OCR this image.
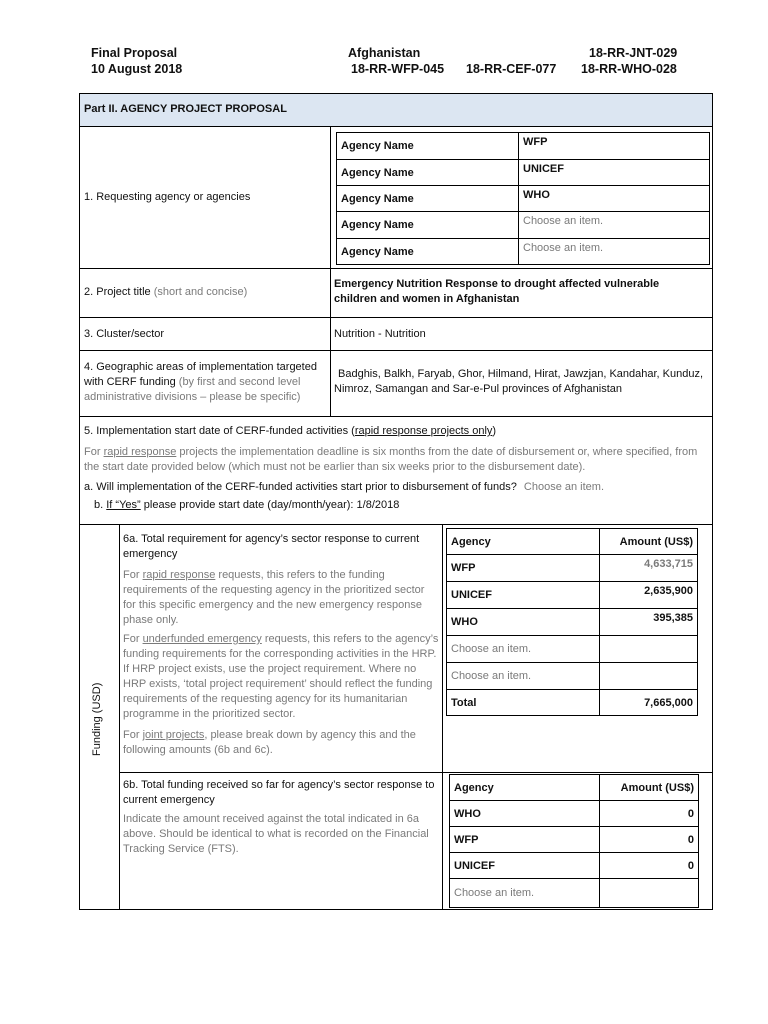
Final Proposal
10 August 2018
Afghanistan	18-RR-JNT-029
18-RR-WFP-045 18-RR-CEF-077 18-RR-WHO-028
Part II. AGENCY PROJECT PROPOSAL
1. Requesting agency or agencies
Agency Name	WFP
Agency Name	UNICEF
Agency Name	WHO
Agency Name	Choose an item.
Agency Name	Choose an item.
2. Project title (short and concise)
Emergency Nutrition Response to drought affected vulnerable children and women in Afghanistan
3. Cluster/sector	Nutrition - Nutrition
4. Geographic areas of implementation targeted with CERF funding (by first and second level administrative divisions – please be specific)
Badghis, Balkh, Faryab, Ghor, Hilmand, Hirat, Jawzjan, Kandahar, Kunduz, Nimroz, Samangan and Sar-e-Pul provinces of Afghanistan
5. Implementation start date of CERF-funded activities (rapid response projects only)
For rapid response projects the implementation deadline is six months from the date of disbursement or, where specified, from the start date provided below (which must not be earlier than six weeks prior to the disbursement date).
a. Will implementation of the CERF-funded activities start prior to disbursement of funds? Choose an item.
b. If “Yes” please provide start date (day/month/year): 1/8/2018
Funding (USD)
6a. Total requirement for agency’s sector response to current emergency
For rapid response requests, this refers to the funding requirements of the requesting agency in the prioritized sector for this specific emergency and the new emergency response phase only.
For underfunded emergency requests, this refers to the agency’s funding requirements for the corresponding activities in the HRP. If HRP project exists, use the project requirement. Where no HRP exists, ‘total project requirement’ should reflect the funding requirements of the requesting agency for its humanitarian programme in the prioritized sector.
For joint projects, please break down by agency this and the following amounts (6b and 6c).
Agency	Amount (US$)
WFP	4,633,715
UNICEF	2,635,900
WHO	395,385
Choose an item.	
Choose an item.	
Total	7,665,000
6b. Total funding received so far for agency’s sector response to current emergency
Indicate the amount received against the total indicated in 6a above. Should be identical to what is recorded on the Financial Tracking Service (FTS).
Agency	Amount (US$)
WHO	0
WFP	0
UNICEF	0
Choose an item.	
